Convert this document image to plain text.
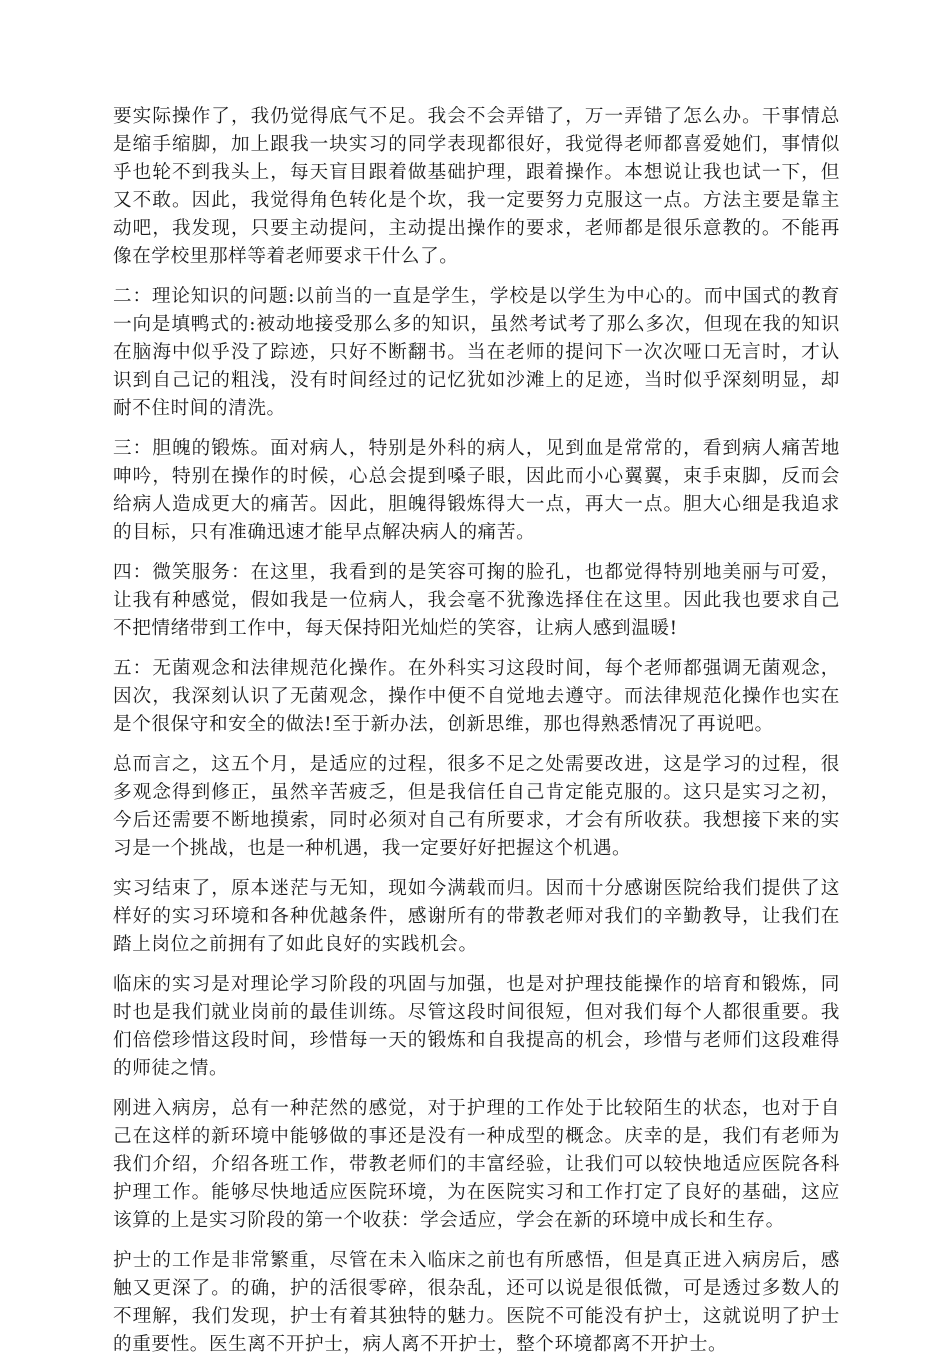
要实际操作了，我仍觉得底气不足。我会不会弄错了，万一弄错了怎么办。干事情总是缩手缩脚，加上跟我一块实习的同学表现都很好，我觉得老师都喜爱她们，事情似乎也轮不到我头上，每天盲目跟着做基础护理，跟着操作。本想说让我也试一下，但又不敢。因此，我觉得角色转化是个坎，我一定要努力克服这一点。方法主要是靠主动吧，我发现，只要主动提问，主动提出操作的要求，老师都是很乐意教的。不能再像在学校里那样等着老师要求干什么了。

二：理论知识的问题:以前当的一直是学生，学校是以学生为中心的。而中国式的教育一向是填鸭式的:被动地接受那么多的知识，虽然考试考了那么多次，但现在我的知识在脑海中似乎没了踪迹，只好不断翻书。当在老师的提问下一次次哑口无言时，才认识到自己记的粗浅，没有时间经过的记忆犹如沙滩上的足迹，当时似乎深刻明显，却耐不住时间的清洗。

三：胆魄的锻炼。面对病人，特别是外科的病人，见到血是常常的，看到病人痛苦地呻吟，特别在操作的时候，心总会提到嗓子眼，因此而小心翼翼，束手束脚，反而会给病人造成更大的痛苦。因此，胆魄得锻炼得大一点，再大一点。胆大心细是我追求的目标，只有准确迅速才能早点解决病人的痛苦。

四：微笑服务：在这里，我看到的是笑容可掬的脸孔，也都觉得特别地美丽与可爱，让我有种感觉，假如我是一位病人，我会毫不犹豫选择住在这里。因此我也要求自己不把情绪带到工作中，每天保持阳光灿烂的笑容，让病人感到温暖!

五：无菌观念和法律规范化操作。在外科实习这段时间，每个老师都强调无菌观念，因次，我深刻认识了无菌观念，操作中便不自觉地去遵守。而法律规范化操作也实在是个很保守和安全的做法!至于新办法，创新思维，那也得熟悉情况了再说吧。

总而言之，这五个月，是适应的过程，很多不足之处需要改进，这是学习的过程，很多观念得到修正，虽然辛苦疲乏，但是我信任自己肯定能克服的。这只是实习之初，今后还需要不断地摸索，同时必须对自己有所要求，才会有所收获。我想接下来的实习是一个挑战，也是一种机遇，我一定要好好把握这个机遇。

实习结束了，原本迷茫与无知，现如今满载而归。因而十分感谢医院给我们提供了这样好的实习环境和各种优越条件，感谢所有的带教老师对我们的辛勤教导，让我们在踏上岗位之前拥有了如此良好的实践机会。

临床的实习是对理论学习阶段的巩固与加强，也是对护理技能操作的培育和锻炼，同时也是我们就业岗前的最佳训练。尽管这段时间很短，但对我们每个人都很重要。我们倍偿珍惜这段时间，珍惜每一天的锻炼和自我提高的机会，珍惜与老师们这段难得的师徒之情。

刚进入病房，总有一种茫然的感觉，对于护理的工作处于比较陌生的状态，也对于自己在这样的新环境中能够做的事还是没有一种成型的概念。庆幸的是，我们有老师为我们介绍，介绍各班工作，带教老师们的丰富经验，让我们可以较快地适应医院各科护理工作。能够尽快地适应医院环境，为在医院实习和工作打定了良好的基础，这应该算的上是实习阶段的第一个收获：学会适应，学会在新的环境中成长和生存。

护士的工作是非常繁重，尽管在未入临床之前也有所感悟，但是真正进入病房后，感触又更深了。的确，护的活很零碎，很杂乱，还可以说是很低微，可是透过多数人的不理解，我们发现，护士有着其独特的魅力。医院不可能没有护士，这就说明了护士的重要性。医生离不开护士，病人离不开护士，整个环境都离不开护士。
